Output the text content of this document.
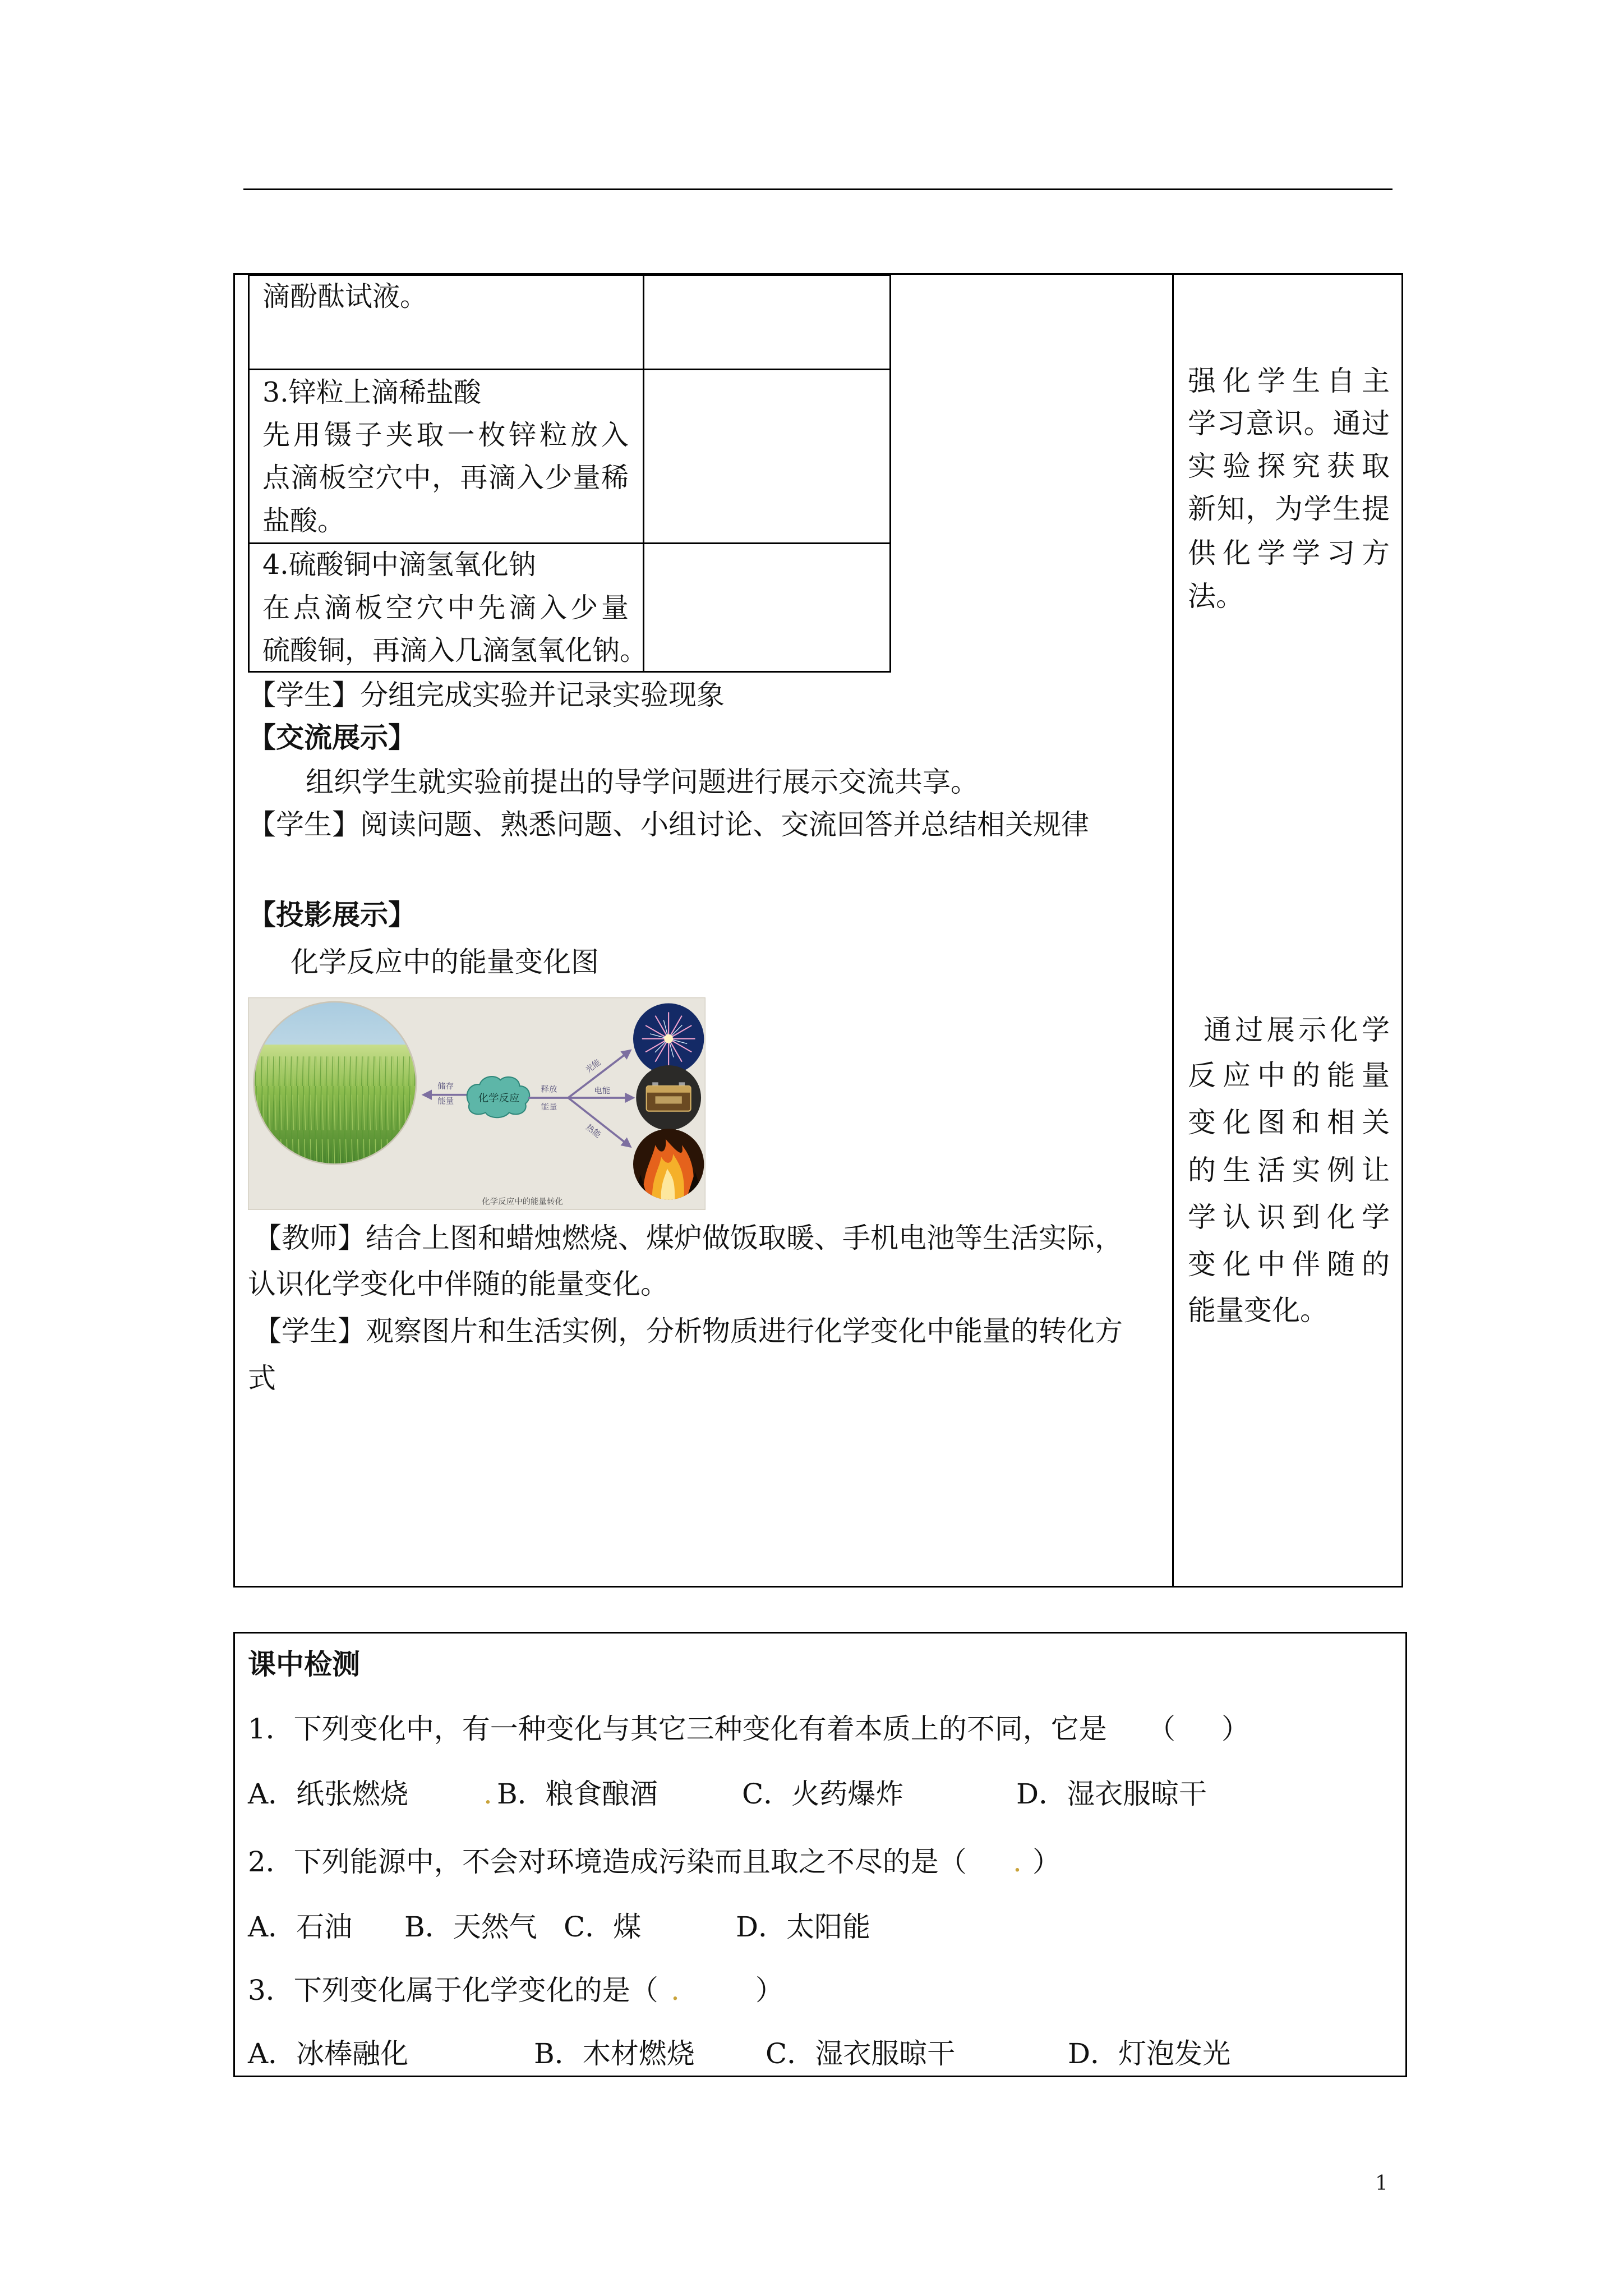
滴酚酞试液。
3.锌粒上滴稀盐酸
先用镊子夹取一枚锌粒放入
点滴板空穴中，再滴入少量稀
盐酸。
4.硫酸铜中滴氢氧化钠
在点滴板空穴中先滴入少量
硫酸铜，再滴入几滴氢氧化钠。
【学生】分组完成实验并记录实验现象
【交流展示】
组织学生就实验前提出的导学问题进行展示交流共享。
【学生】阅读问题、熟悉问题、小组讨论、交流回答并总结相关规律
【投影展示】
化学反应中的能量变化图
储存
能量	化学反应
释放
能量
光能
电能
热能
化学反应中的能量转化
【教师】结合上图和蜡烛燃烧、煤炉做饭取暖、手机电池等生活实际，
认识化学变化中伴随的能量变化。
【学生】观察图片和生活实例，分析物质进行化学变化中能量的转化方
式
强化学生自主
学习意识。通过
实验探究获取
新知，为学生提
供化学学习方
法。
通过展示化学
反应中的能量
变化图和相关
的生活实例让
学认识到化学
变化中伴随的
能量变化。
课中检测
1．下列变化中，有一种变化与其它三种变化有着本质上的不同，它是 （ ）
A．纸张燃烧	. B．粮食酿酒	C．火药爆炸	D．湿衣服晾干
2．下列能源中，不会对环境造成污染而且取之不尽的是（ . ）
A．石油 B．天然气 C．煤	D．太阳能
3．下列变化属于化学变化的是（ .	）
A．冰棒融化	B．木材燃烧	C．湿衣服晾干	D．灯泡发光
1
